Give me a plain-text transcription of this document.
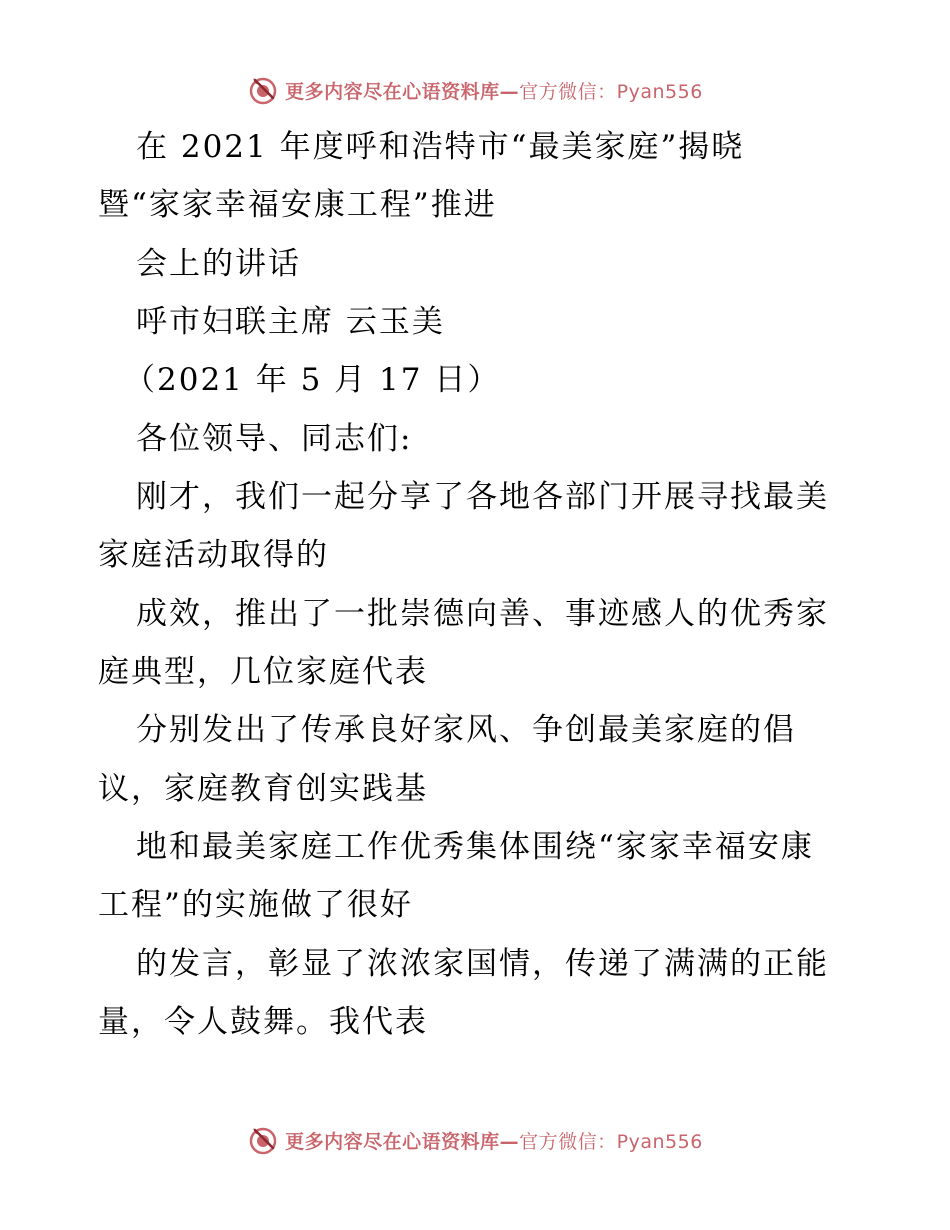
更多内容尽在心语资料库—官方微信：Pyan556
在 2021 年度呼和浩特市“最美家庭”揭晓
暨“家家幸福安康工程”推进
会上的讲话
呼市妇联主席 云玉美
（2021 年 5 月 17 日）
各位领导、同志们:
刚才，我们一起分享了各地各部门开展寻找最美
家庭活动取得的
成效，推出了一批崇德向善、事迹感人的优秀家
庭典型，几位家庭代表
分别发出了传承良好家风、争创最美家庭的倡
议，家庭教育创实践基
地和最美家庭工作优秀集体围绕“家家幸福安康
工程”的实施做了很好
的发言，彰显了浓浓家国情，传递了满满的正能
量，令人鼓舞。我代表
更多内容尽在心语资料库—官方微信：Pyan556
